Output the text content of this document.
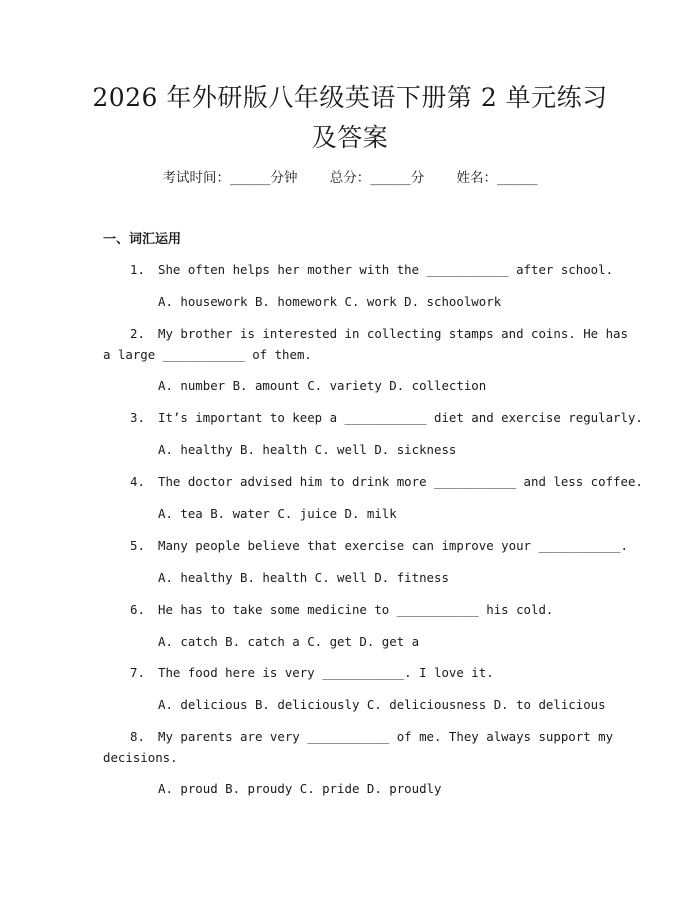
2026 年外研版八年级英语下册第 2 单元练习
及答案
考试时间：______分钟 总分：______分 姓名：______
一、词汇运用
1. She often helps her mother with the ___________ after school.
A. housework B. homework C. work D. schoolwork
2. My brother is interested in collecting stamps and coins. He has
a large ___________ of them.
A. number B. amount C. variety D. collection
3. It’s important to keep a ___________ diet and exercise regularly.
A. healthy B. health C. well D. sickness
4. The doctor advised him to drink more ___________ and less coffee.
A. tea B. water C. juice D. milk
5. Many people believe that exercise can improve your ___________.
A. healthy B. health C. well D. fitness
6. He has to take some medicine to ___________ his cold.
A. catch B. catch a C. get D. get a
7. The food here is very ___________. I love it.
A. delicious B. deliciously C. deliciousness D. to delicious
8. My parents are very ___________ of me. They always support my
decisions.
A. proud B. proudy C. pride D. proudly
